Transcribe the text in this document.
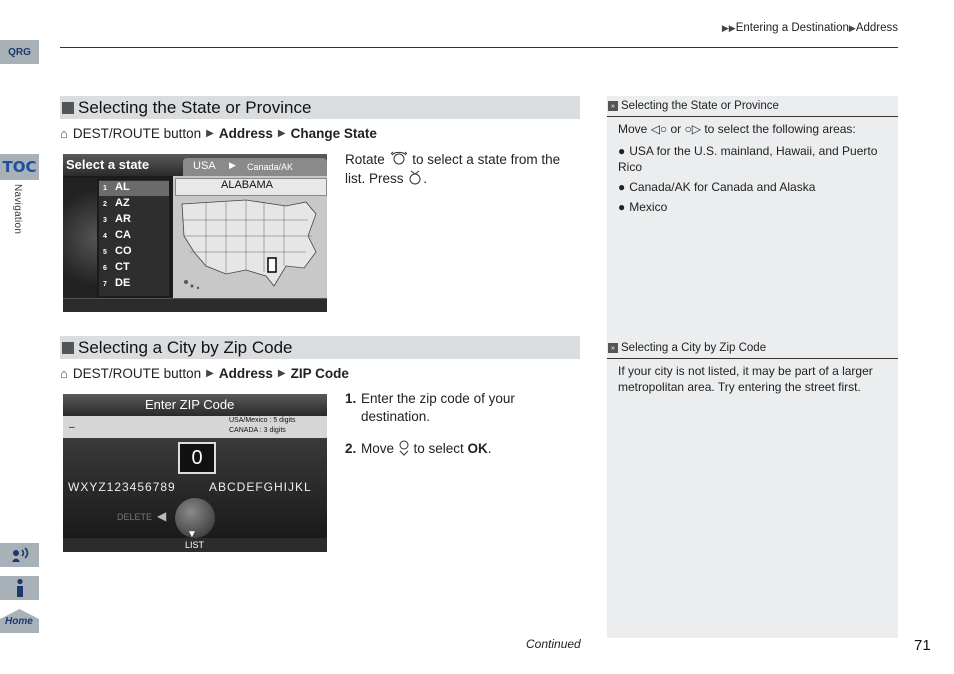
QRG
TOC
Navigation
Home
▶▶Entering a Destination▶Address
Selecting the State or Province
⌂ DEST/ROUTE button ▶ Address ▶ Change State
Select a state	USA ▶ Canada/AK
1 AL
2 AZ
3 AR
4 CA
5 CO
6 CT
7 DE
ALABAMA
Rotate  to select a state from the list. Press .
» Selecting the State or Province
Move ◁○ or ○▷ to select the following areas:
● USA for the U.S. mainland, Hawaii, and Puerto Rico
● Canada/AK for Canada and Alaska
● Mexico
Selecting a City by Zip Code
⌂ DEST/ROUTE button ▶ Address ▶ ZIP Code
Enter ZIP Code
–
USA/Mexico : 5 digits
CANADA : 3 digits
0
WXYZ123456789	ABCDEFGHIJKL
DELETE ◀
▼
LIST
1. Enter the zip code of your destination.
2. Move  to select OK.
» Selecting a City by Zip Code
If your city is not listed, it may be part of a larger metropolitan area. Try entering the street first.
Continued	71
